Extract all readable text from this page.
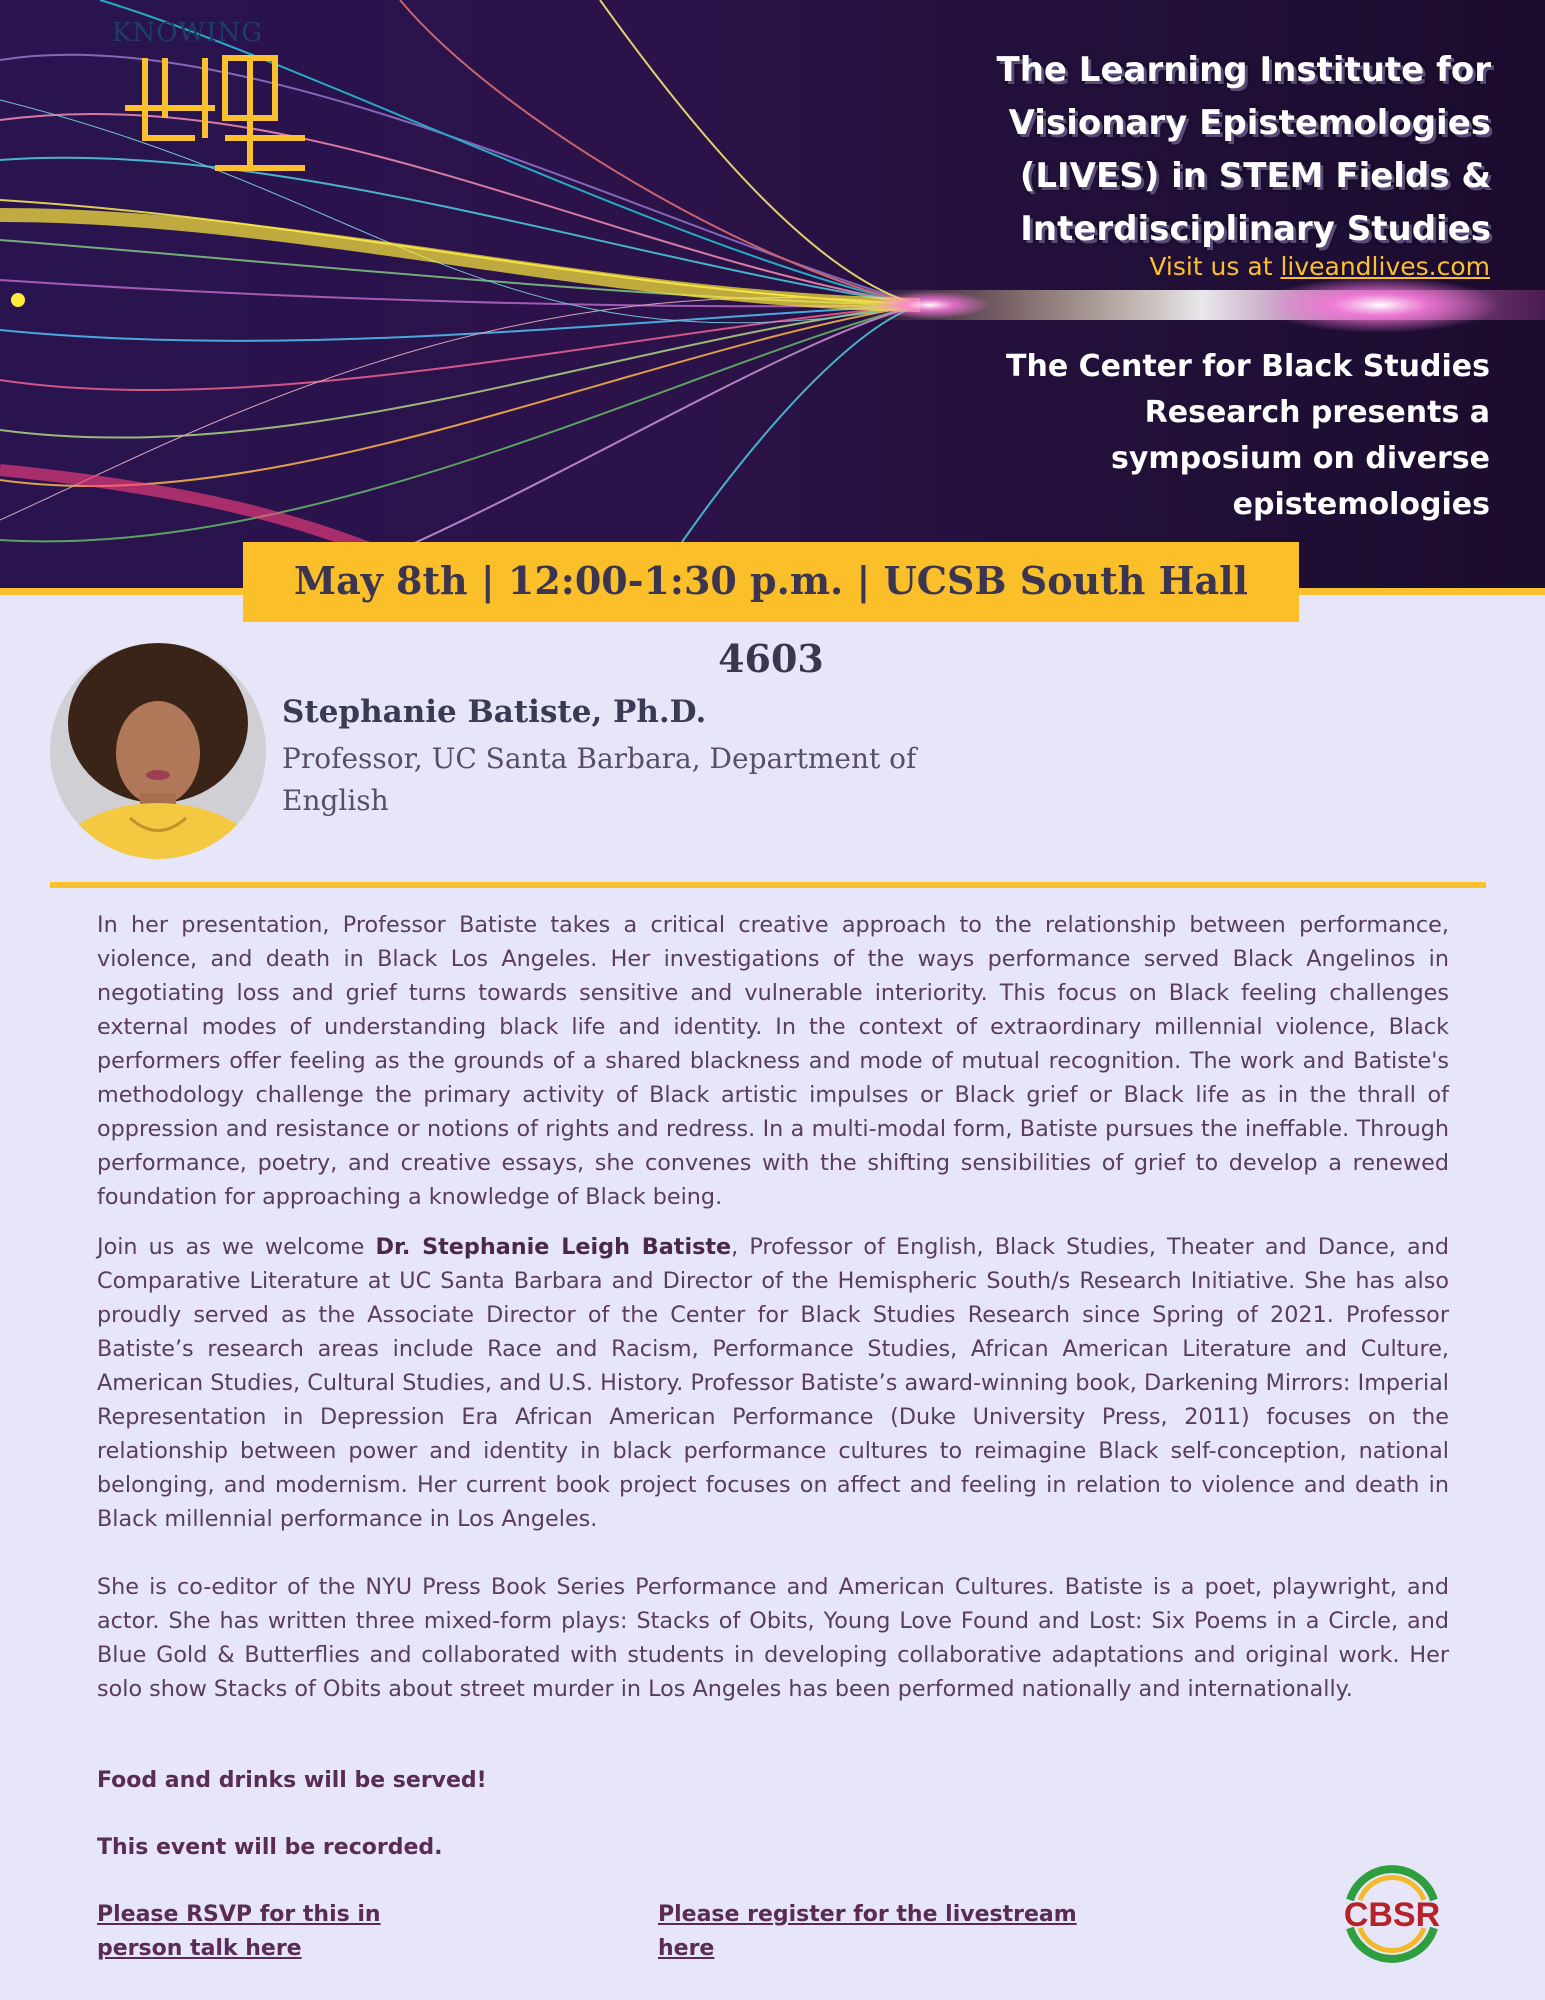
KNOWING
The Learning Institute for
Visionary Epistemologies
(LIVES) in STEM Fields &
Interdisciplinary Studies
Visit us at liveandlives.com
The Center for Black Studies
Research presents a
symposium on diverse
epistemologies
May 8th | 12:00-1:30 p.m. | UCSB South Hall 4603
Stephanie Batiste, Ph.D.
Professor, UC Santa Barbara, Department of
English

In her presentation, Professor Batiste takes a critical creative approach to the relationship between performance, violence, and death in Black Los Angeles. Her investigations of the ways performance served Black Angelinos in negotiating loss and grief turns towards sensitive and vulnerable interiority. This focus on Black feeling challenges external modes of understanding black life and identity. In the context of extraordinary millennial violence, Black performers offer feeling as the grounds of a shared blackness and mode of mutual recognition. The work and Batiste's methodology challenge the primary activity of Black artistic impulses or Black grief or Black life as in the thrall of oppression and resistance or notions of rights and redress. In a multi-modal form, Batiste pursues the ineffable. Through performance, poetry, and creative essays, she convenes with the shifting sensibilities of grief to develop a renewed foundation for approaching a knowledge of Black being.

Join us as we welcome Dr. Stephanie Leigh Batiste, Professor of English, Black Studies, Theater and Dance, and Comparative Literature at UC Santa Barbara and Director of the Hemispheric South/s Research Initiative. She has also proudly served as the Associate Director of the Center for Black Studies Research since Spring of 2021. Professor Batiste’s research areas include Race and Racism, Performance Studies, African American Literature and Culture, American Studies, Cultural Studies, and U.S. History. Professor Batiste’s award-winning book, Darkening Mirrors: Imperial Representation in Depression Era African American Performance (Duke University Press, 2011) focuses on the relationship between power and identity in black performance cultures to reimagine Black self-conception, national belonging, and modernism. Her current book project focuses on affect and feeling in relation to violence and death in Black millennial performance in Los Angeles.

She is co-editor of the NYU Press Book Series Performance and American Cultures. Batiste is a poet, playwright, and actor. She has written three mixed-form plays: Stacks of Obits, Young Love Found and Lost: Six Poems in a Circle, and Blue Gold & Butterflies and collaborated with students in developing collaborative adaptations and original work. Her solo show Stacks of Obits about street murder in Los Angeles has been performed nationally and internationally.

Food and drinks will be served!
This event will be recorded.
Please RSVP for this in
person talk here
Please register for the livestream
here
CBSR
